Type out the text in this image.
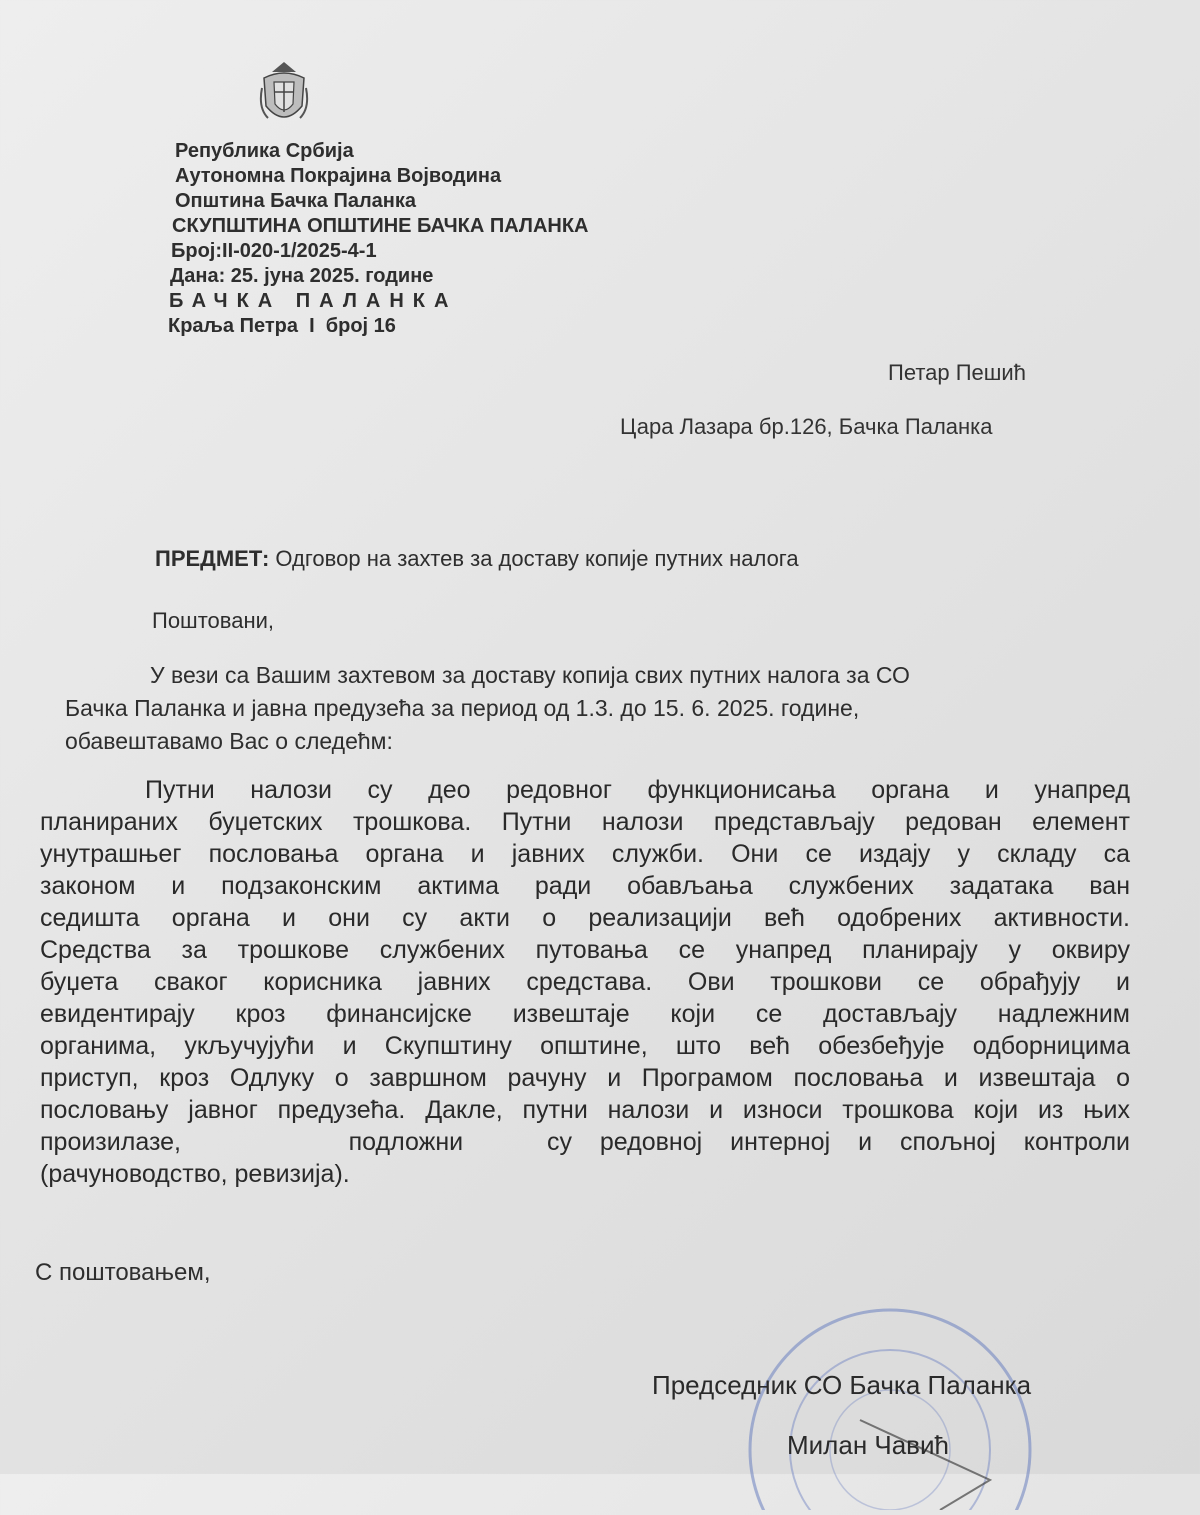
Република Србија
Аутономна Покрајина Војводина
Општина Бачка Паланка
СКУПШТИНА ОПШТИНЕ БАЧКА ПАЛАНКА
Број:II-020-1/2025-4-1
Дана: 25. јуна 2025. године
БАЧКА ПАЛАНКА
Краља Петра  I  број 16
Петар Пешић
Цара Лазара бр.126, Бачка Паланка
ПРЕДМЕТ: Одговор на захтев за доставу копије путних налога
Поштовани,
У вези са Вашим захтевом за доставу копија свих путних налога за СО
Бачка Паланка и јавна предузећа за период од 1.3. до 15. 6. 2025. године,
обавештавамо Вас о следећм:
Путни налози су део редовног функционисања органа и унапред
планираних буџетских трошкова. Путни налози представљају редован елемент
унутрашњег пословања органа и јавних служби. Они се издају у складу са
законом и подзаконским актима ради обављања службених задатака ван
седишта органа и они су акти о реализацији већ одобрених активности.
Средства за трошкове службених путовања се унапред планирају у оквиру
буџета сваког корисника јавних средстава. Ови трошкови се обрађују и
евидентирају кроз финансијске извештаје који се достављају надлежним
органима, укључујући и Скупштину општине, што већ обезбеђује одборницима
приступ, кроз Одлуку о завршном рачуну и Програмом пословања и извештаја о
пословању јавног предузећа. Дакле, путни налози и износи трошкова који из њих
произилазе,      подложни   су редовној интерној и спољној контроли
(рачуноводство, ревизија).
С поштовањем,
Председник СО Бачка Паланка
Милан Чавић
